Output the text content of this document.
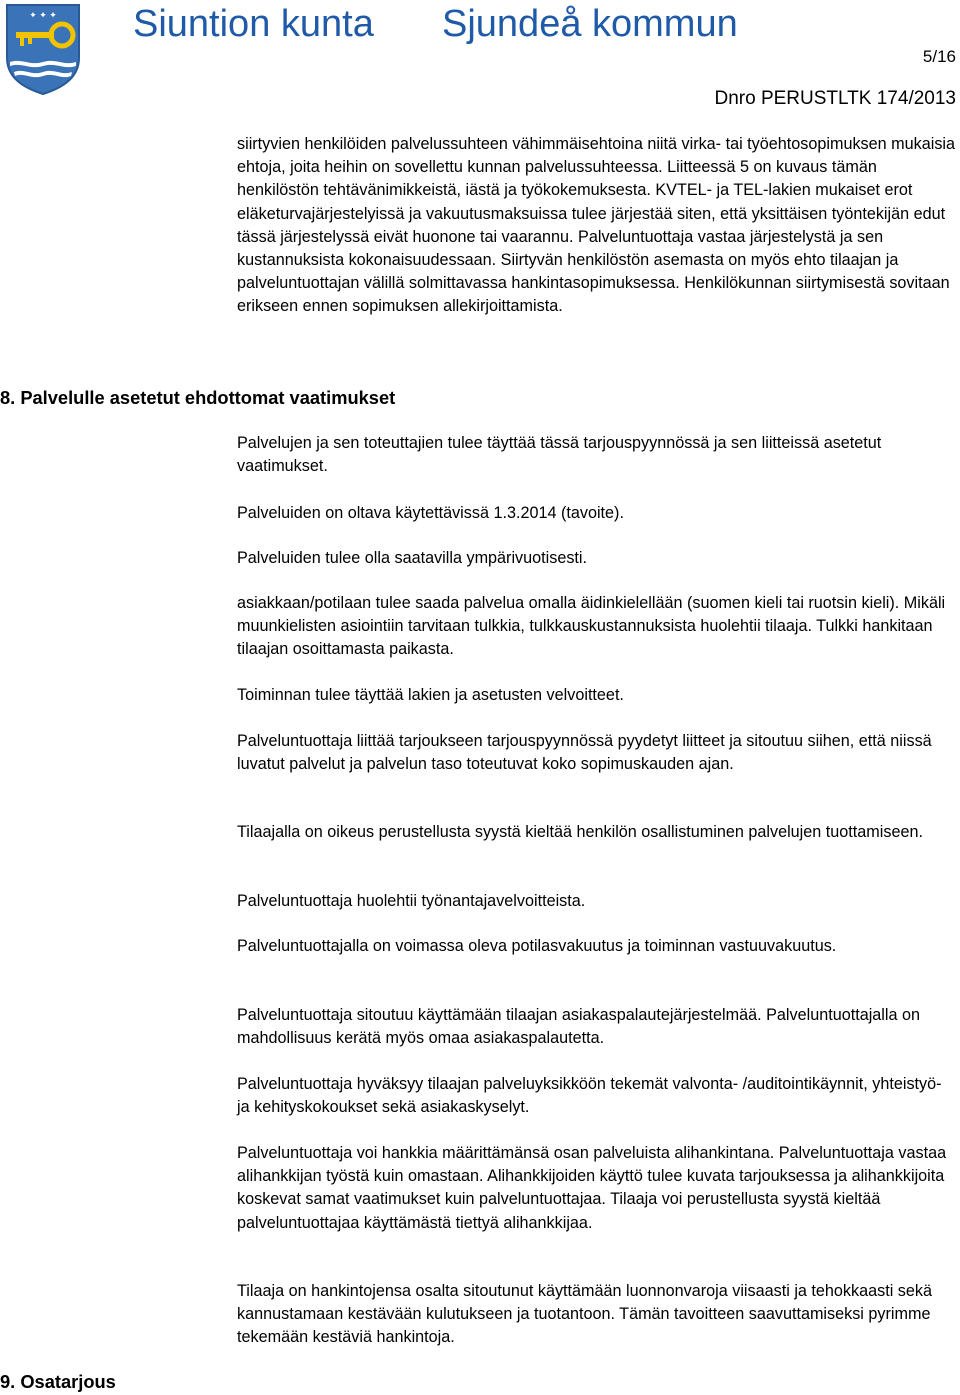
✦ ✦ ✦ Siuntion kunta Sjundeå kommun
5/16
Dnro PERUSTLTK 174/2013

siirtyvien henkilöiden palvelussuhteen vähimmäisehtoina niitä virka- tai työehtosopimuksen mukaisia ehtoja, joita heihin on sovellettu kunnan palvelussuhteessa. Liitteessä 5 on kuvaus tämän henkilöstön tehtävänimikkeistä, iästä ja työkokemuksesta. KVTEL- ja TEL-lakien mukaiset erot eläketurvajärjestelyissä ja vakuutusmaksuissa tulee järjestää siten, että yksittäisen työntekijän edut tässä järjestelyssä eivät huonone tai vaarannu. Palveluntuottaja vastaa järjestelystä ja sen kustannuksista kokonaisuudessaan. Siirtyvän henkilöstön asemasta on myös ehto tilaajan ja palveluntuottajan välillä solmittavassa hankintasopimuksessa. Henkilökunnan siirtymisestä sovitaan erikseen ennen sopimuksen allekirjoittamista.

8. Palvelulle asetetut ehdottomat vaatimukset

Palvelujen ja sen toteuttajien tulee täyttää tässä tarjouspyynnössä ja sen liitteissä asetetut vaatimukset.

Palveluiden on oltava käytettävissä 1.3.2014 (tavoite).

Palveluiden tulee olla saatavilla ympärivuotisesti.

asiakkaan/potilaan tulee saada palvelua omalla äidinkielellään (suomen kieli tai ruotsin kieli). Mikäli muunkielisten asiointiin tarvitaan tulkkia, tulkkauskustannuksista huolehtii tilaaja. Tulkki hankitaan tilaajan osoittamasta paikasta.

Toiminnan tulee täyttää lakien ja asetusten velvoitteet.

Palveluntuottaja liittää tarjoukseen tarjouspyynnössä pyydetyt liitteet ja sitoutuu siihen, että niissä luvatut palvelut ja palvelun taso toteutuvat koko sopimuskauden ajan.

Tilaajalla on oikeus perustellusta syystä kieltää henkilön osallistuminen palvelujen tuottamiseen.

Palveluntuottaja huolehtii työnantajavelvoitteista.

Palveluntuottajalla on voimassa oleva potilasvakuutus ja toiminnan vastuuvakuutus.

Palveluntuottaja sitoutuu käyttämään tilaajan asiakaspalautejärjestelmää. Palveluntuottajalla on mahdollisuus kerätä myös omaa asiakaspalautetta.

Palveluntuottaja hyväksyy tilaajan palveluyksikköön tekemät valvonta- /auditointikäynnit, yhteistyö- ja kehityskokoukset sekä asiakaskyselyt.

Palveluntuottaja voi hankkia määrittämänsä osan palveluista alihankintana. Palveluntuottaja vastaa alihankkijan työstä kuin omastaan. Alihankkijoiden käyttö tulee kuvata tarjouksessa ja alihankkijoita koskevat samat vaatimukset kuin palveluntuottajaa. Tilaaja voi perustellusta syystä kieltää palveluntuottajaa käyttämästä tiettyä alihankkijaa.

Tilaaja on hankintojensa osalta sitoutunut käyttämään luonnonvaroja viisaasti ja tehokkaasti sekä kannustamaan kestävään kulutukseen ja tuotantoon. Tämän tavoitteen saavuttamiseksi pyrimme tekemään kestäviä hankintoja.

9. Osatarjous
